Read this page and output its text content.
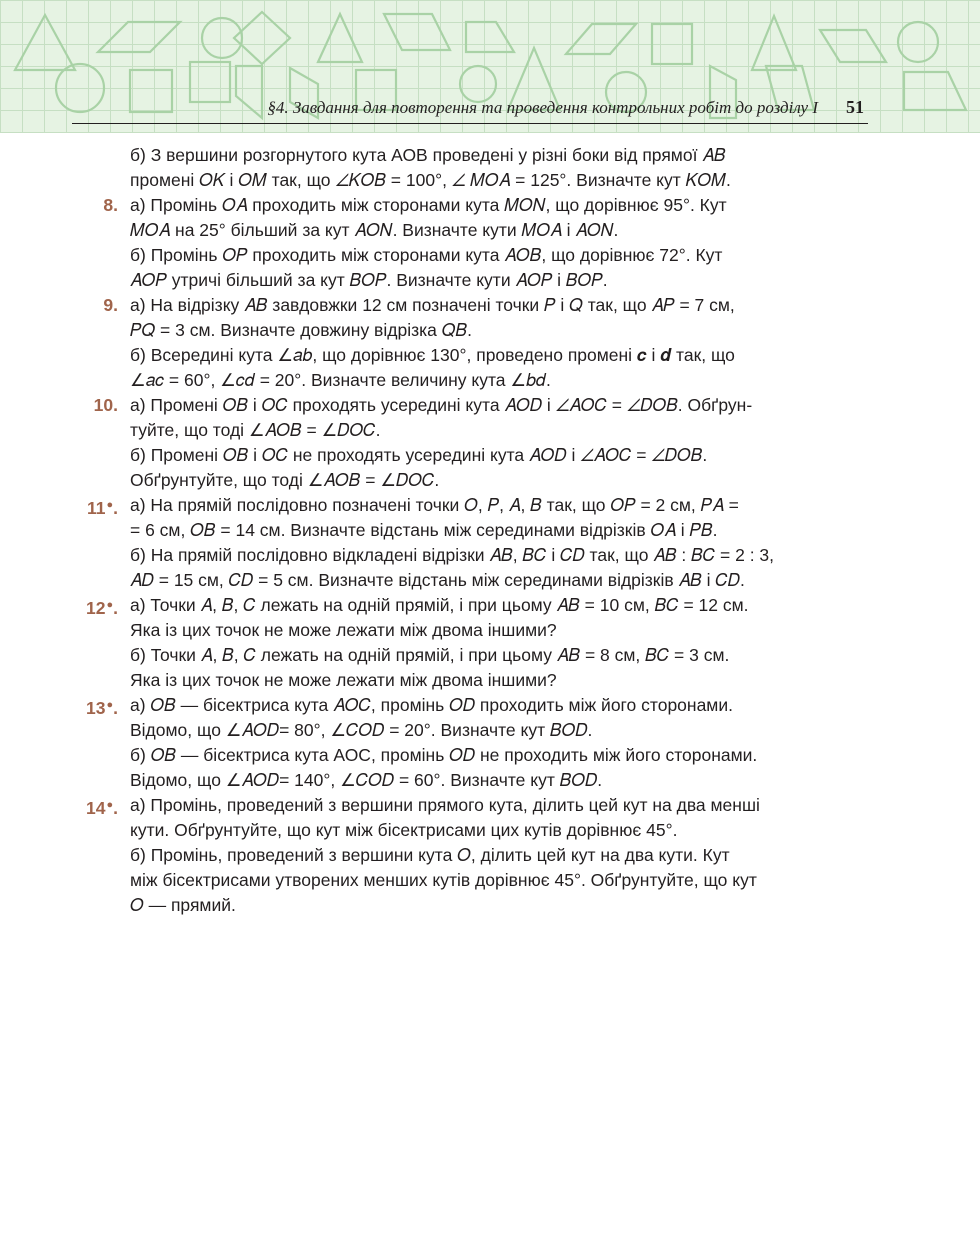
§4. Завдання для повторення та проведення контрольних робіт до розділу I 51
б) З вершини розгорнутого кута АОВ проведені у різні боки від прямої 𝐴𝐵
промені 𝑂𝐾 і 𝑂𝑀 так, що ∠𝐾𝑂𝐵 = 100°, ∠ 𝑀𝑂𝐴 = 125°. Визначте кут 𝐾𝑂𝑀.
8. а) Промінь 𝑂𝐴 проходить між сторонами кута 𝑀𝑂𝑁, що дорівнює 95°. Кут
𝑀𝑂𝐴 на 25° більший за кут 𝐴𝑂𝑁. Визначте кути 𝑀𝑂𝐴 і 𝐴𝑂𝑁.
б) Промінь 𝑂𝑃 проходить між сторонами кута 𝐴𝑂𝐵, що дорівнює 72°. Кут
𝐴𝑂𝑃 утричі більший за кут 𝐵𝑂𝑃. Визначте кути 𝐴𝑂𝑃 і 𝐵𝑂𝑃.
9. а) На відрізку 𝐴𝐵 завдовжки 12 см позначені точки 𝑃 і 𝑄 так, що 𝐴𝑃 = 7 см,
𝑃𝑄 = 3 см. Визначте довжину відрізка 𝑄𝐵.
б) Всередині кута ∠𝑎𝑏, що дорівнює 130°, проведено промені 𝒄 і 𝒅 так, що
∠𝑎𝑐 = 60°, ∠𝑐𝑑 = 20°. Визначте величину кута ∠𝑏𝑑.
10. а) Промені 𝑂𝐵 і 𝑂𝐶 проходять усередині кута 𝐴𝑂𝐷 і ∠𝐴𝑂𝐶 = ∠𝐷𝑂𝐵. Обґрун-
туйте, що тоді ∠𝐴𝑂𝐵 = ∠𝐷𝑂𝐶.
б) Промені 𝑂𝐵 і 𝑂𝐶 не проходять усередині кута 𝐴𝑂𝐷 і ∠𝐴𝑂𝐶 = ∠𝐷𝑂𝐵.
Обґрунтуйте, що тоді ∠𝐴𝑂𝐵 = ∠𝐷𝑂𝐶.
11●. а) На прямій послідовно позначені точки 𝑂, 𝑃, 𝐴, 𝐵 так, що 𝑂𝑃 = 2 см, 𝑃𝐴 =
= 6 см, 𝑂𝐵 = 14 см. Визначте відстань між серединами відрізків 𝑂𝐴 і 𝑃𝐵.
б) На прямій послідовно відкладені відрізки 𝐴𝐵, 𝐵𝐶 і 𝐶𝐷 так, що 𝐴𝐵 : 𝐵𝐶 = 2 : 3,
𝐴𝐷 = 15 см, 𝐶𝐷 = 5 см. Визначте відстань між серединами відрізків 𝐴𝐵 і 𝐶𝐷.
12●. а) Точки 𝐴, 𝐵, 𝐶 лежать на одній прямій, і при цьому 𝐴𝐵 = 10 см, 𝐵𝐶 = 12 см.
Яка із цих точок не може лежати між двома іншими?
б) Точки 𝐴, 𝐵, 𝐶 лежать на одній прямій, і при цьому 𝐴𝐵 = 8 см, 𝐵𝐶 = 3 см.
Яка із цих точок не може лежати між двома іншими?
13●. а) 𝑂𝐵 — бісектриса кута 𝐴𝑂𝐶, промінь 𝑂𝐷 проходить між його сторонами.
Відомо, що ∠𝐴𝑂𝐷= 80°, ∠𝐶𝑂𝐷 = 20°. Визначте кут 𝐵𝑂𝐷.
б) 𝑂𝐵 — бісектриса кута АОС, промінь 𝑂𝐷 не проходить між його сторонами.
Відомо, що ∠𝐴𝑂𝐷= 140°, ∠𝐶𝑂𝐷 = 60°. Визначте кут 𝐵𝑂𝐷.
14●. а) Промінь, проведений з вершини прямого кута, ділить цей кут на два менші
кути. Обґрунтуйте, що кут між бісектрисами цих кутів дорівнює 45°.
б) Промінь, проведений з вершини кута 𝑂, ділить цей кут на два кути. Кут
між бісектрисами утворених менших кутів дорівнює 45°. Обґрунтуйте, що кут
𝑂 — прямий.
